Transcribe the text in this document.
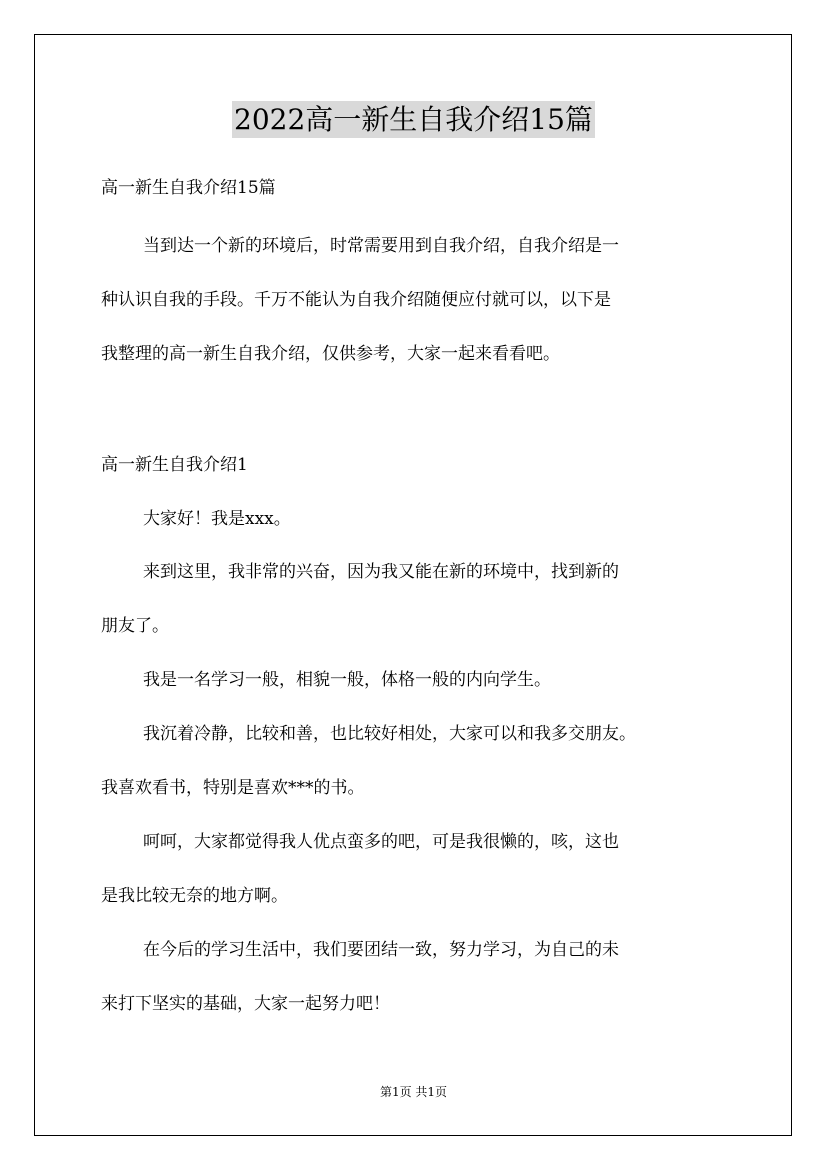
2022高一新生自我介绍15篇
高一新生自我介绍15篇
当到达一个新的环境后，时常需要用到自我介绍，自我介绍是一
种认识自我的手段。千万不能认为自我介绍随便应付就可以，以下是
我整理的高一新生自我介绍，仅供参考，大家一起来看看吧。
高一新生自我介绍1
大家好！我是xxx。
来到这里，我非常的兴奋，因为我又能在新的环境中，找到新的
朋友了。
我是一名学习一般，相貌一般，体格一般的内向学生。
我沉着冷静，比较和善，也比较好相处，大家可以和我多交朋友。
我喜欢看书，特别是喜欢***的书。
呵呵，大家都觉得我人优点蛮多的吧，可是我很懒的，咳，这也
是我比较无奈的地方啊。
在今后的学习生活中，我们要团结一致，努力学习，为自己的未
来打下坚实的基础，大家一起努力吧！
第1页 共1页
